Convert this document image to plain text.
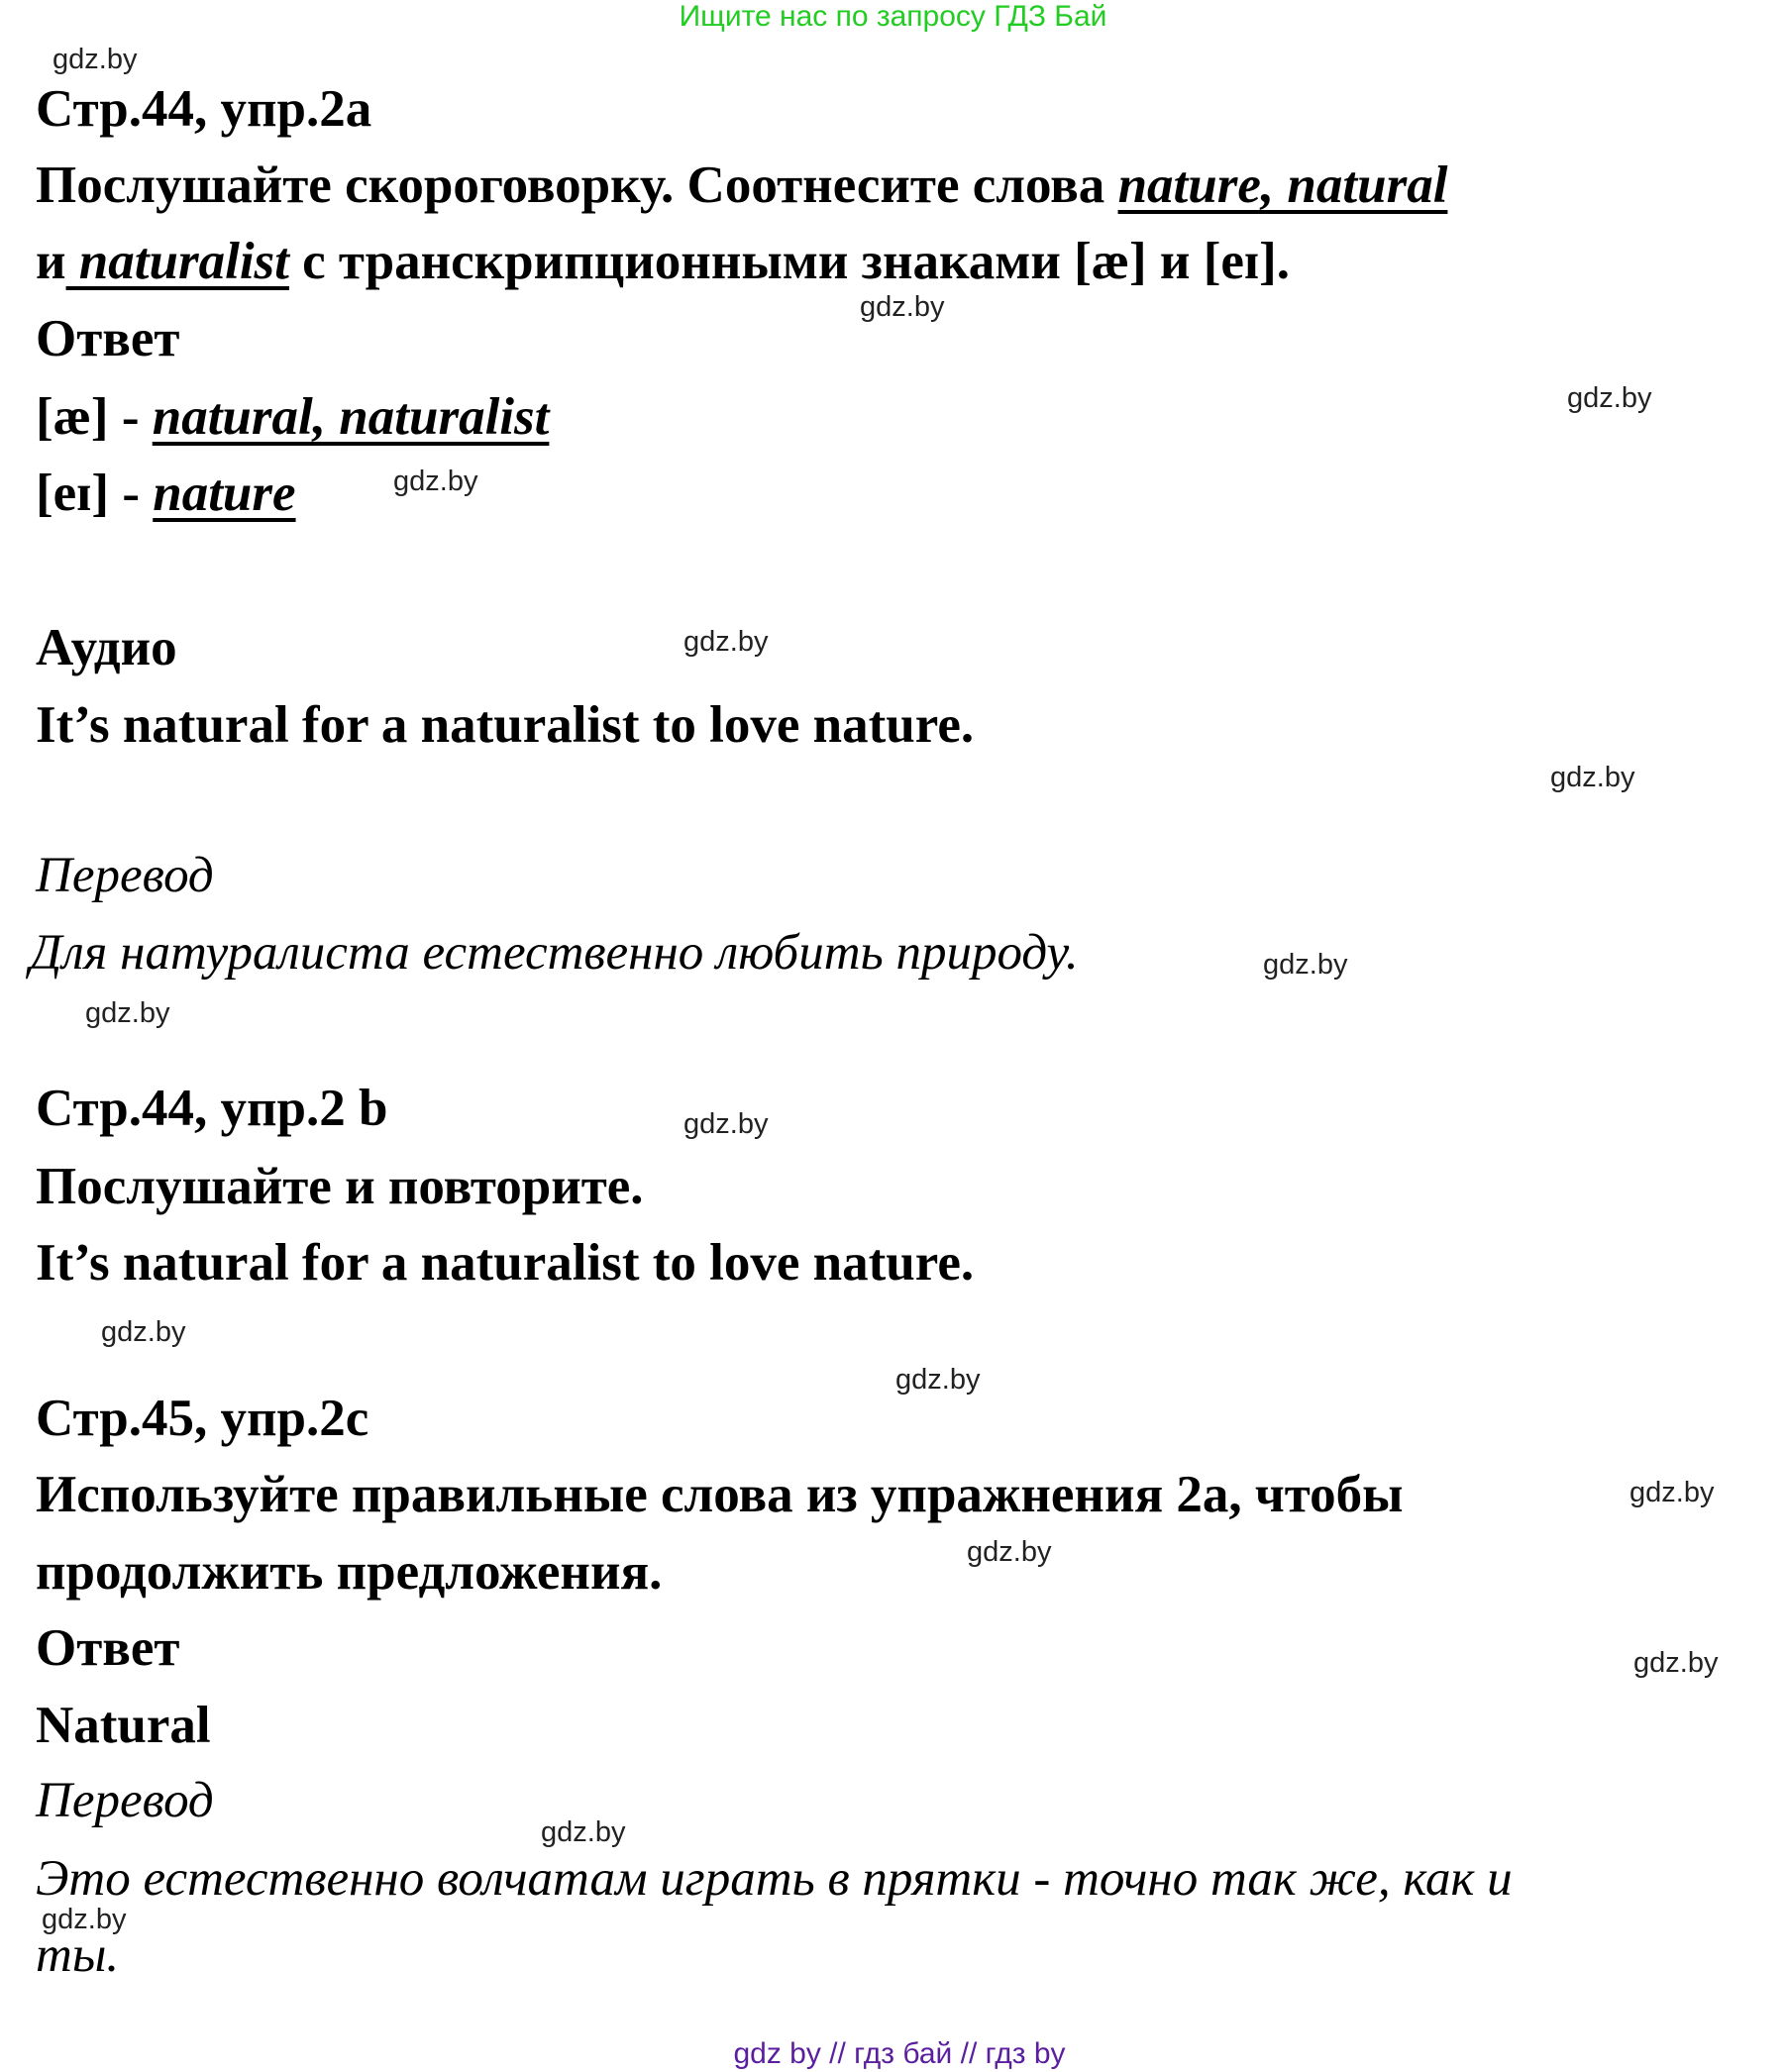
Ищите нас по запросу ГДЗ Бай
Стр.44, упр.2a
Послушайте скороговорку. Соотнесите слова nature, natural
и naturalist с транскрипционными знаками [æ] и [eɪ].
Ответ
[æ] - natural, naturalist
[eɪ] - nature
Аудио
It’s natural for a naturalist to love nature.
Перевод
Для натуралиста естественно любить природу.
Стр.44, упр.2 b
Послушайте и повторите.
It’s natural for a naturalist to love nature.
Стр.45, упр.2c
Используйте правильные слова из упражнения 2a, чтобы
продолжить предложения.
Ответ
Natural
Перевод
Это естественно волчатам играть в прятки - точно так же, как и
ты.
gdz.by
gdz.by
gdz.by
gdz.by
gdz.by
gdz.by
gdz.by
gdz.by
gdz.by
gdz.by
gdz.by
gdz.by
gdz.by
gdz.by
gdz.by
gdz.by
gdz by // гдз бай // гдз by
